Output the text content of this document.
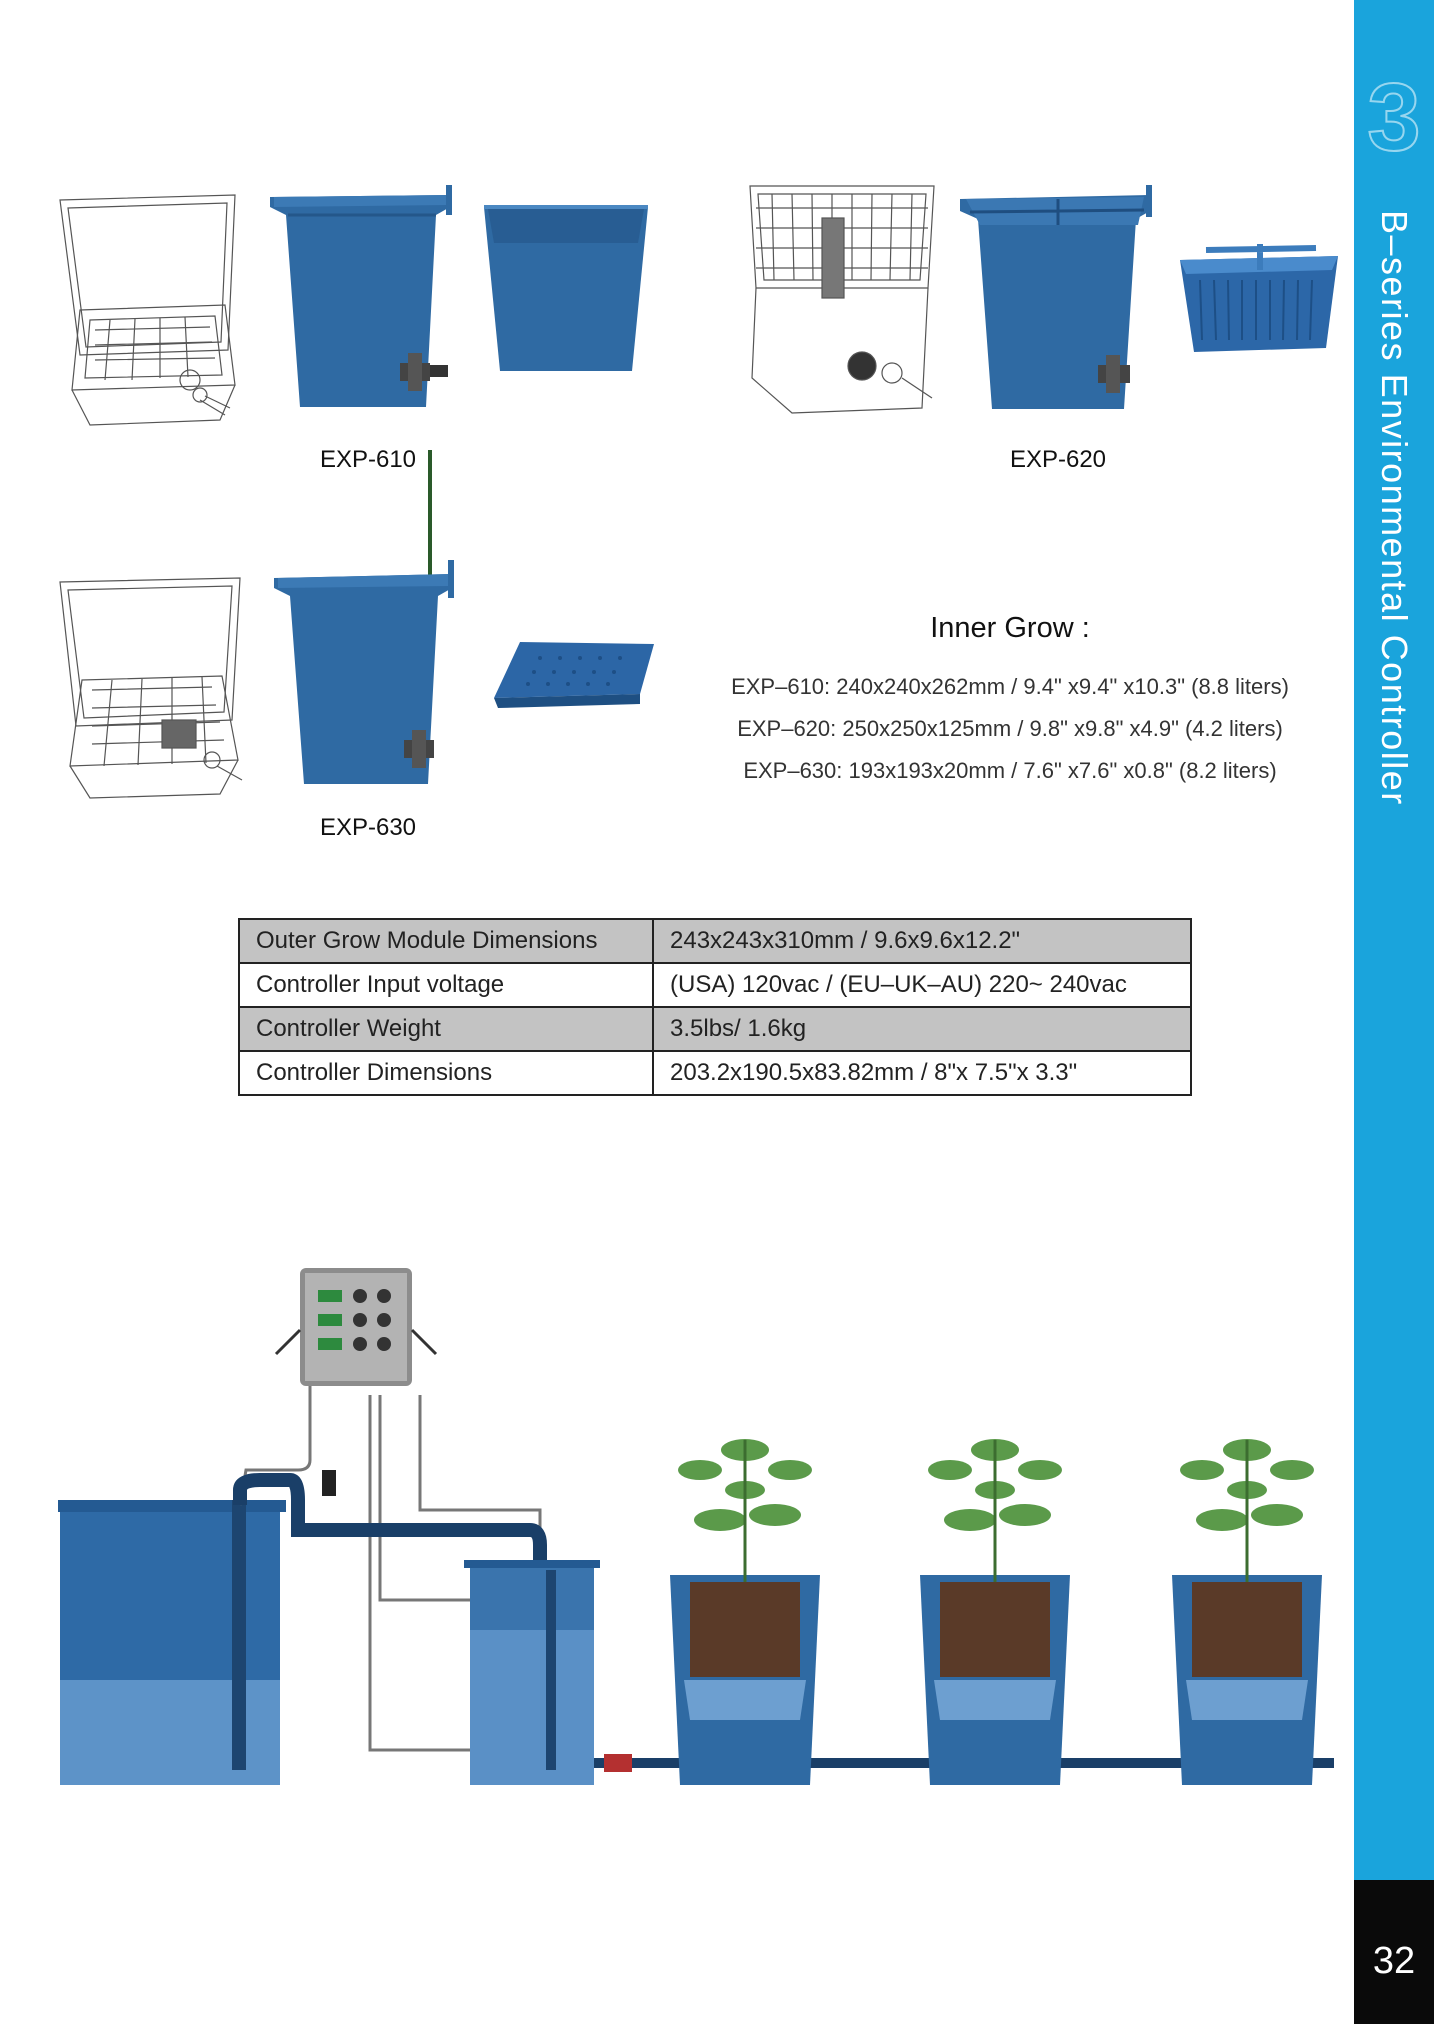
3
B–series Environmental Controller
32
EXP-610	EXP-620
EXP-630
Inner Grow :
EXP–610: 240x240x262mm / 9.4" x9.4" x10.3" (8.8 liters)
EXP–620: 250x250x125mm / 9.8" x9.8" x4.9" (4.2 liters)
EXP–630: 193x193x20mm / 7.6" x7.6" x0.8" (8.2 liters)
Outer Grow Module Dimensions	243x243x310mm / 9.6x9.6x12.2"
Controller Input voltage	(USA) 120vac / (EU–UK–AU) 220~ 240vac
Controller Weight	3.5lbs/ 1.6kg
Controller Dimensions	203.2x190.5x83.82mm / 8"x 7.5"x 3.3"
